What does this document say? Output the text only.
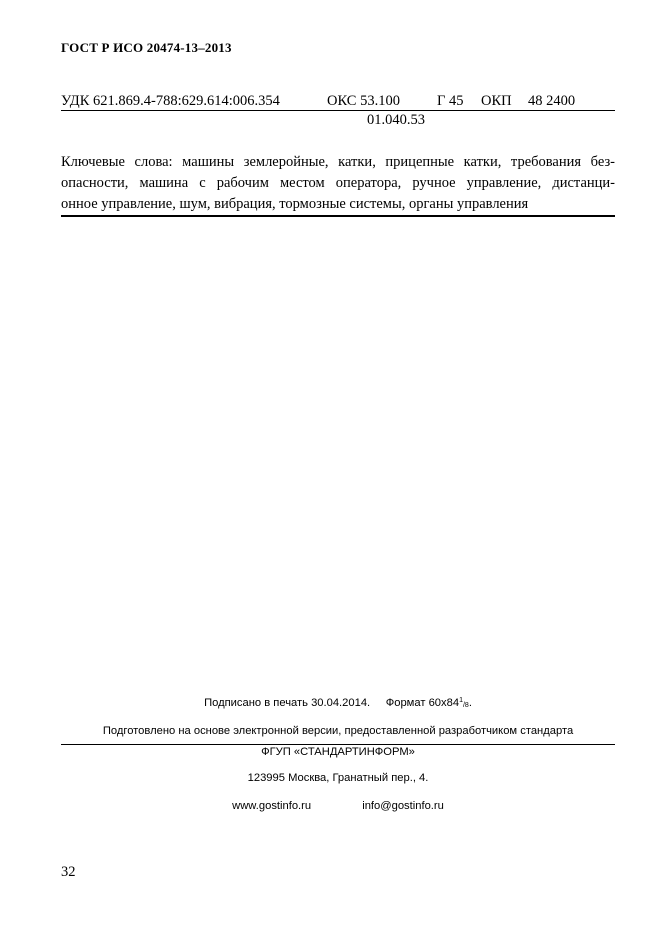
ГОСТ Р ИСО 20474-13–2013
УДК 621.869.4-788:629.614:006.354	ОКС 53.100	Г 45 ОКП 48 2400
01.040.53
Ключевые слова: машины землеройные, катки, прицепные катки, требования без-
опасности, машина с рабочим местом оператора, ручное управление, дистанци-
онное управление, шум, вибрация, тормозные системы, органы управления
Подписано в печать 30.04.2014. Формат $60х84^1/8$.
Подготовлено на основе электронной версии, предоставленной разработчиком стандарта
ФГУП «СТАНДАРТИНФОРМ»
123995 Москва, Гранатный пер., 4.
www.gostinfo.ru	info@gostinfo.ru
32
